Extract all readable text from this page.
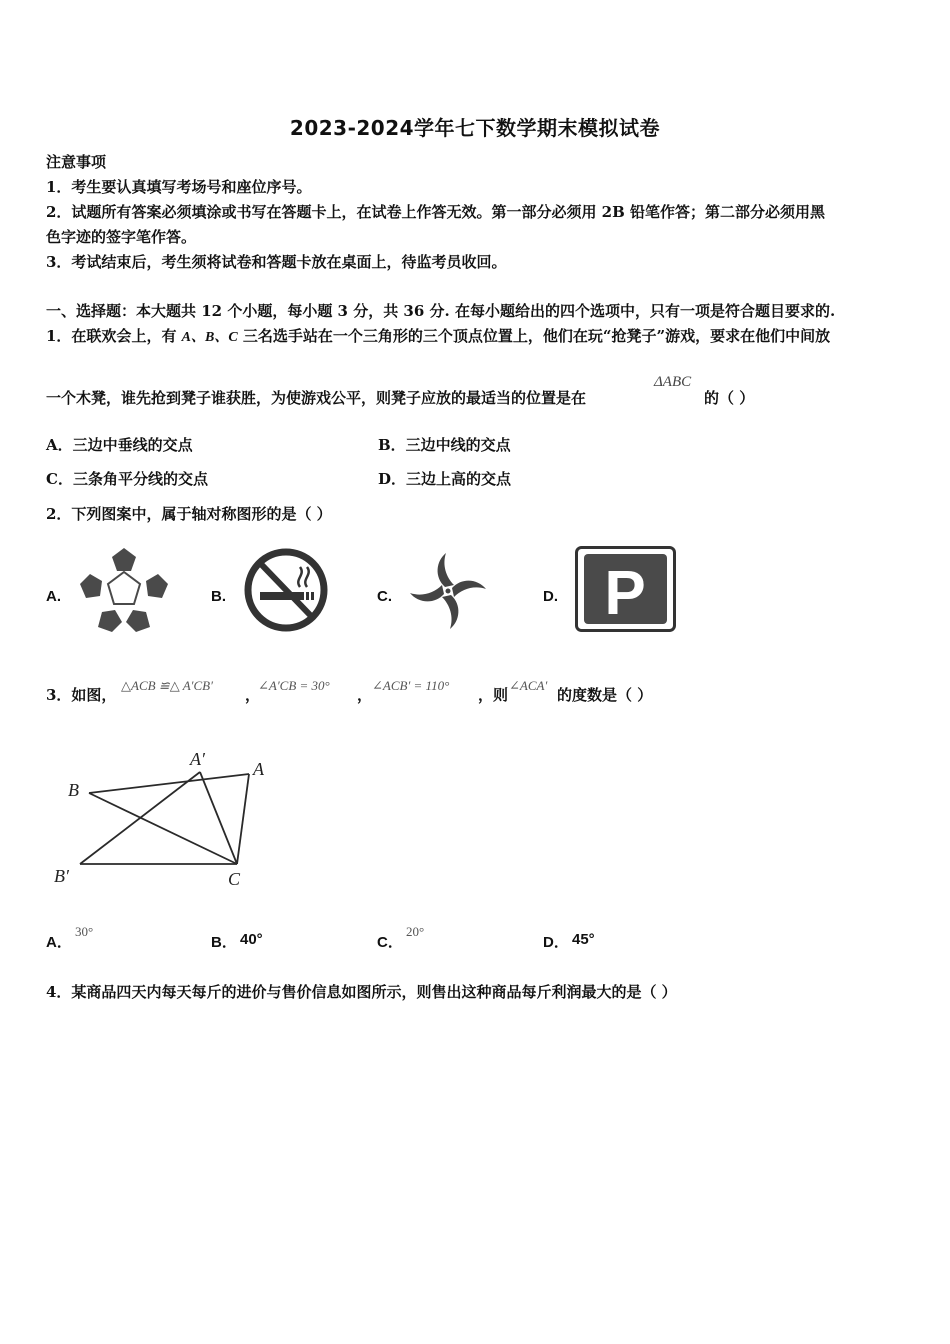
2023-2024学年七下数学期末模拟试卷
注意事项
1．考生要认真填写考场号和座位序号。
2．试题所有答案必须填涂或书写在答题卡上，在试卷上作答无效。第一部分必须用 2B 铅笔作答；第二部分必须用黑
色字迹的签字笔作答。
3．考试结束后，考生须将试卷和答题卡放在桌面上，待监考员收回。
一、选择题：本大题共 12 个小题，每小题 3 分，共 36 分. 在每小题给出的四个选项中，只有一项是符合题目要求的.
1．在联欢会上，有 A、B、C 三名选手站在一个三角形的三个顶点位置上，他们在玩“抢凳子”游戏，要求在他们中间放
一个木凳，谁先抢到凳子谁获胜，为使游戏公平，则凳子应放的最适当的位置是在
ΔABC
的（ ）
A．三边中垂线的交点	B．三边中线的交点
C．三条角平分线的交点	D．三边上高的交点
2．下列图案中，属于轴对称图形的是（ ）
A.	B.	C.	D. P
3．如图，
△ACB ≌△ A′CB′
，
∠A′CB = 30°
，
∠ACB′ = 110°
，则
∠ACA′
的度数是（ ）
B
A′	A
B′	C
A．
30°
B． 40°	C．
20°
D． 45°
4．某商品四天内每天每斤的进价与售价信息如图所示，则售出这种商品每斤利润最大的是（ ）
